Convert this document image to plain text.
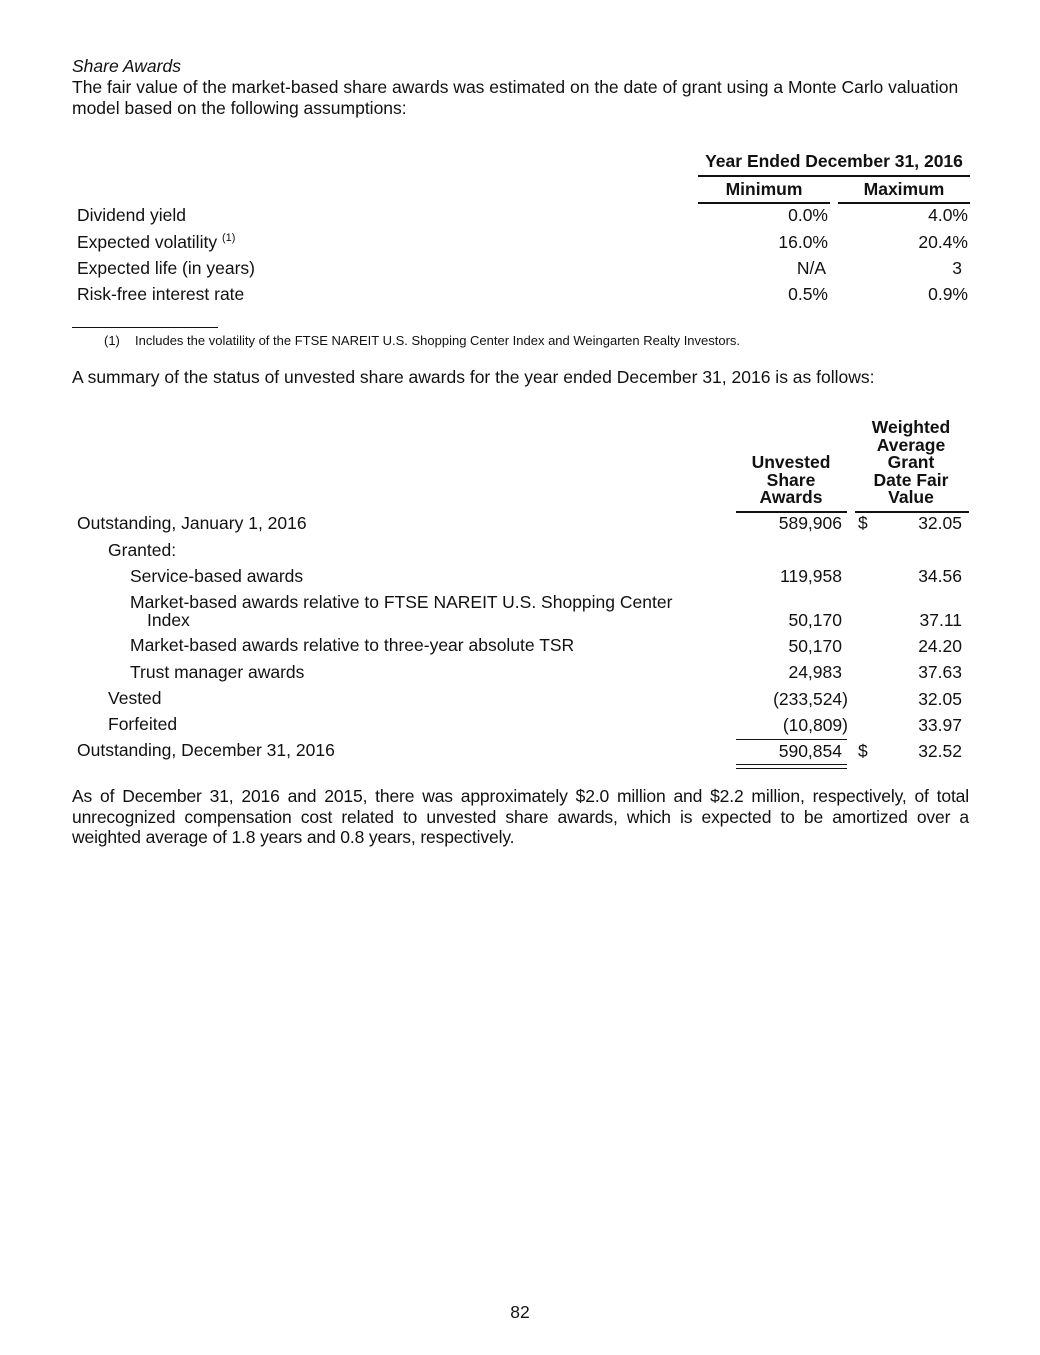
Share Awards
The fair value of the market-based share awards was estimated on the date of grant using a Monte Carlo valuation model based on the following assumptions:
Year Ended December 31, 2016
Minimum	Maximum
Dividend yield	0.0%	4.0%
Expected volatility $^{(1)}$	16.0%	20.4%
Expected life (in years)	N/A	3
Risk-free interest rate	0.5%	0.9%
(1) Includes the volatility of the FTSE NAREIT U.S. Shopping Center Index and Weingarten Realty Investors.
A summary of the status of unvested share awards for the year ended December 31, 2016 is as follows:
Unvested
Share
Awards
Weighted
Average
Grant
Date Fair
Value
Outstanding, January 1, 2016	589,906 $	32.05
Granted:
Service-based awards	119,958	34.56
Market-based awards relative to FTSE NAREIT U.S. Shopping Center
Index	50,170	37.11
Market-based awards relative to three-year absolute TSR	50,170	24.20
Trust manager awards	24,983	37.63
Vested	(233,524)	32.05
Forfeited	(10,809)	33.97
Outstanding, December 31, 2016	590,854 $	32.52
As of December 31, 2016 and 2015, there was approximately $2.0 million and $2.2 million, respectively, of total unrecognized compensation cost related to unvested share awards, which is expected to be amortized over a weighted average of 1.8 years and 0.8 years, respectively.
82
